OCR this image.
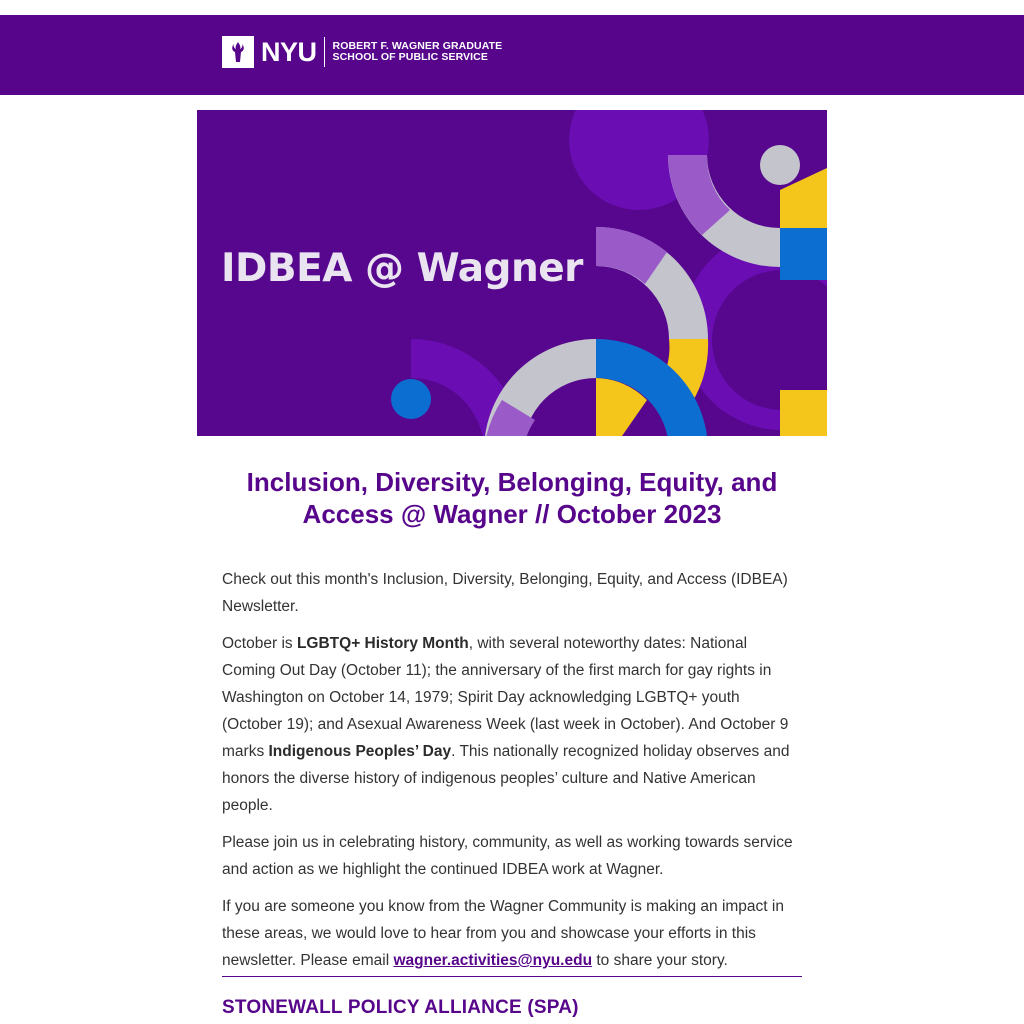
NYU ROBERT F. WAGNER GRADUATE
SCHOOL OF PUBLIC SERVICE
IDBEA @ Wagner
Inclusion, Diversity, Belonging, Equity, and
Access @ Wagner // October 2023

Check out this month's Inclusion, Diversity, Belonging, Equity, and Access (IDBEA) Newsletter.

October is LGBTQ+ History Month, with several noteworthy dates: National Coming Out Day (October 11); the anniversary of the first march for gay rights in Washington on October 14, 1979; Spirit Day acknowledging LGBTQ+ youth (October 19); and Asexual Awareness Week (last week in October). And October 9 marks Indigenous Peoples’ Day. This nationally recognized holiday observes and honors the diverse history of indigenous peoples’ culture and Native American people.

Please join us in celebrating history, community, as well as working towards service and action as we highlight the continued IDBEA work at Wagner.

If you are someone you know from the Wagner Community is making an impact in these areas, we would love to hear from you and showcase your efforts in this newsletter. Please email wagner.activities@nyu.edu to share your story.

STONEWALL POLICY ALLIANCE (SPA)
